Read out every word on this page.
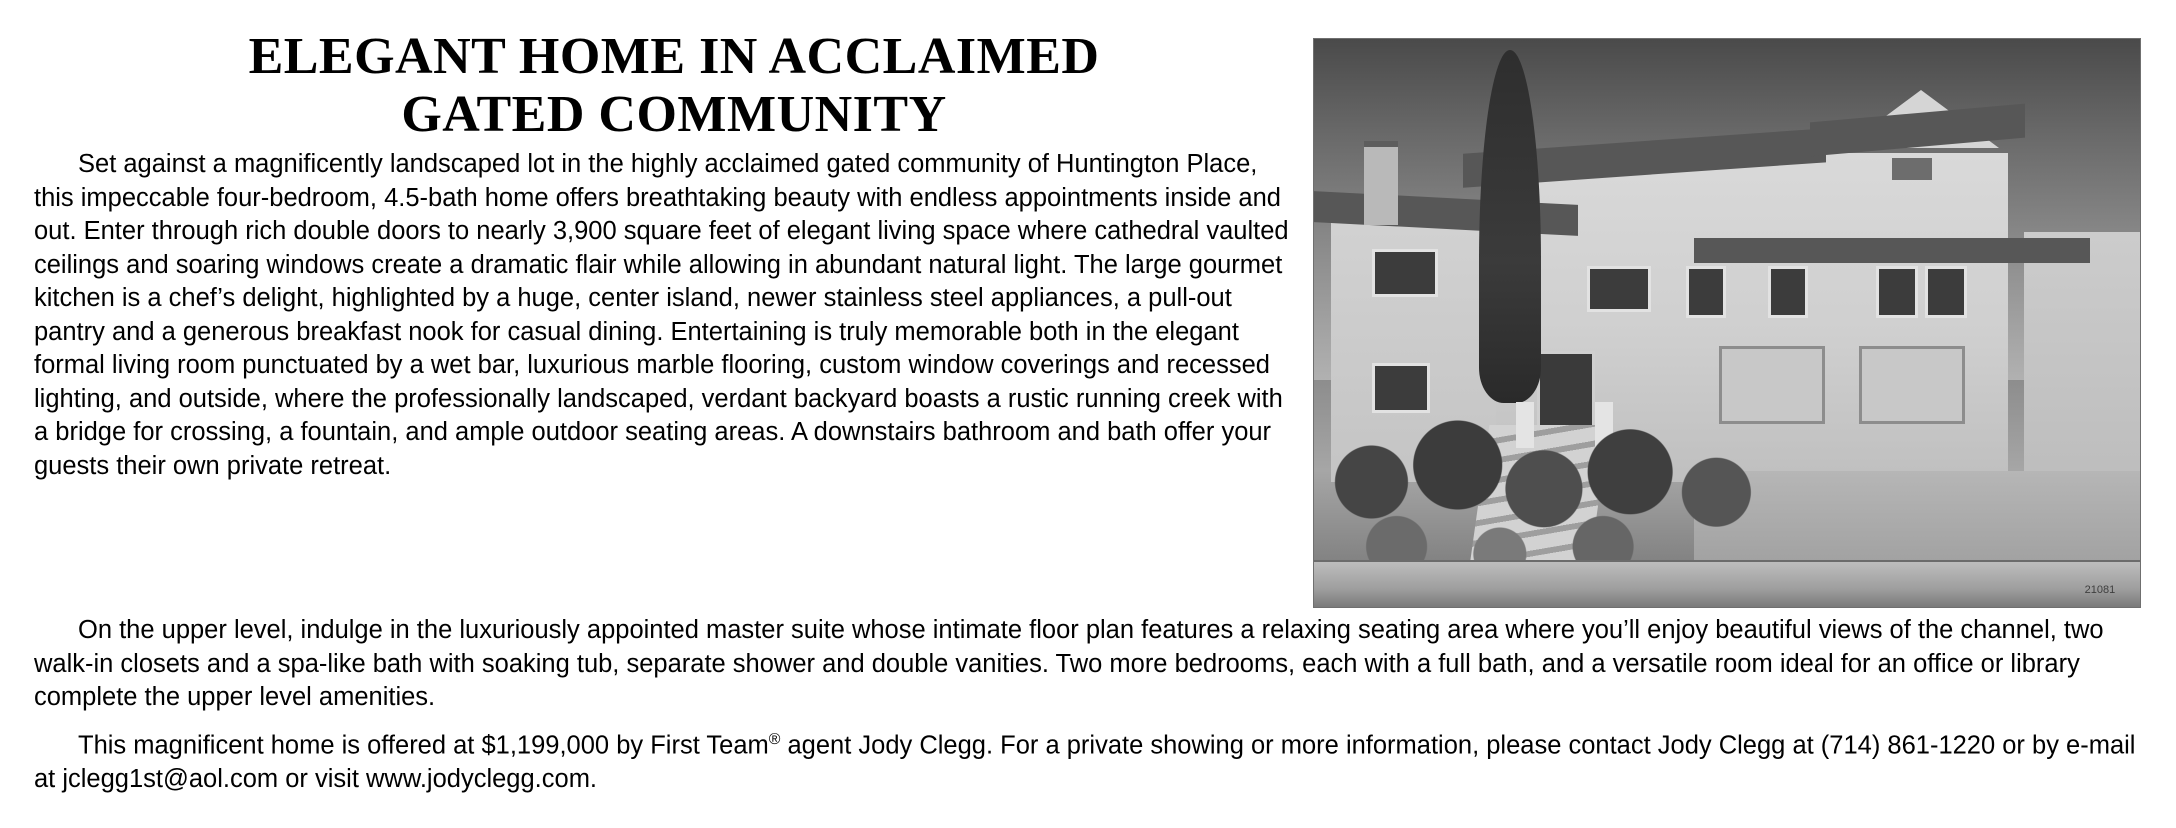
ELEGANT HOME IN ACCLAIMED
GATED COMMUNITY
21081

Set against a magnificently landscaped lot in the highly acclaimed gated community of Huntington Place, this impeccable four-bedroom, 4.5-bath home offers breathtaking beauty with endless appointments inside and out. Enter through rich double doors to nearly 3,900 square feet of elegant living space where cathedral vaulted ceilings and soaring windows create a dramatic flair while allowing in abundant natural light. The large gourmet kitchen is a chef’s delight, highlighted by a huge, center island, newer stainless steel appliances, a pull-out pantry and a generous breakfast nook for casual dining. Entertaining is truly memorable both in the elegant formal living room punctuated by a wet bar, luxurious marble flooring, custom window coverings and recessed lighting, and outside, where the professionally landscaped, verdant backyard boasts a rustic running creek with a bridge for crossing, a fountain, and ample outdoor seating areas. A downstairs bathroom and bath offer your guests their own private retreat.

On the upper level, indulge in the luxuriously appointed master suite whose intimate floor plan features a relaxing seating area where you’ll enjoy beautiful views of the channel, two walk-in closets and a spa-like bath with soaking tub, separate shower and double vanities. Two more bedrooms, each with a full bath, and a versatile room ideal for an office or library complete the upper level amenities.

This magnificent home is offered at $1,199,000 by First Team® agent Jody Clegg. For a private showing or more information, please contact Jody Clegg at (714) 861-1220 or by e-mail at jclegg1st@aol.com or visit www.jodyclegg.com.
